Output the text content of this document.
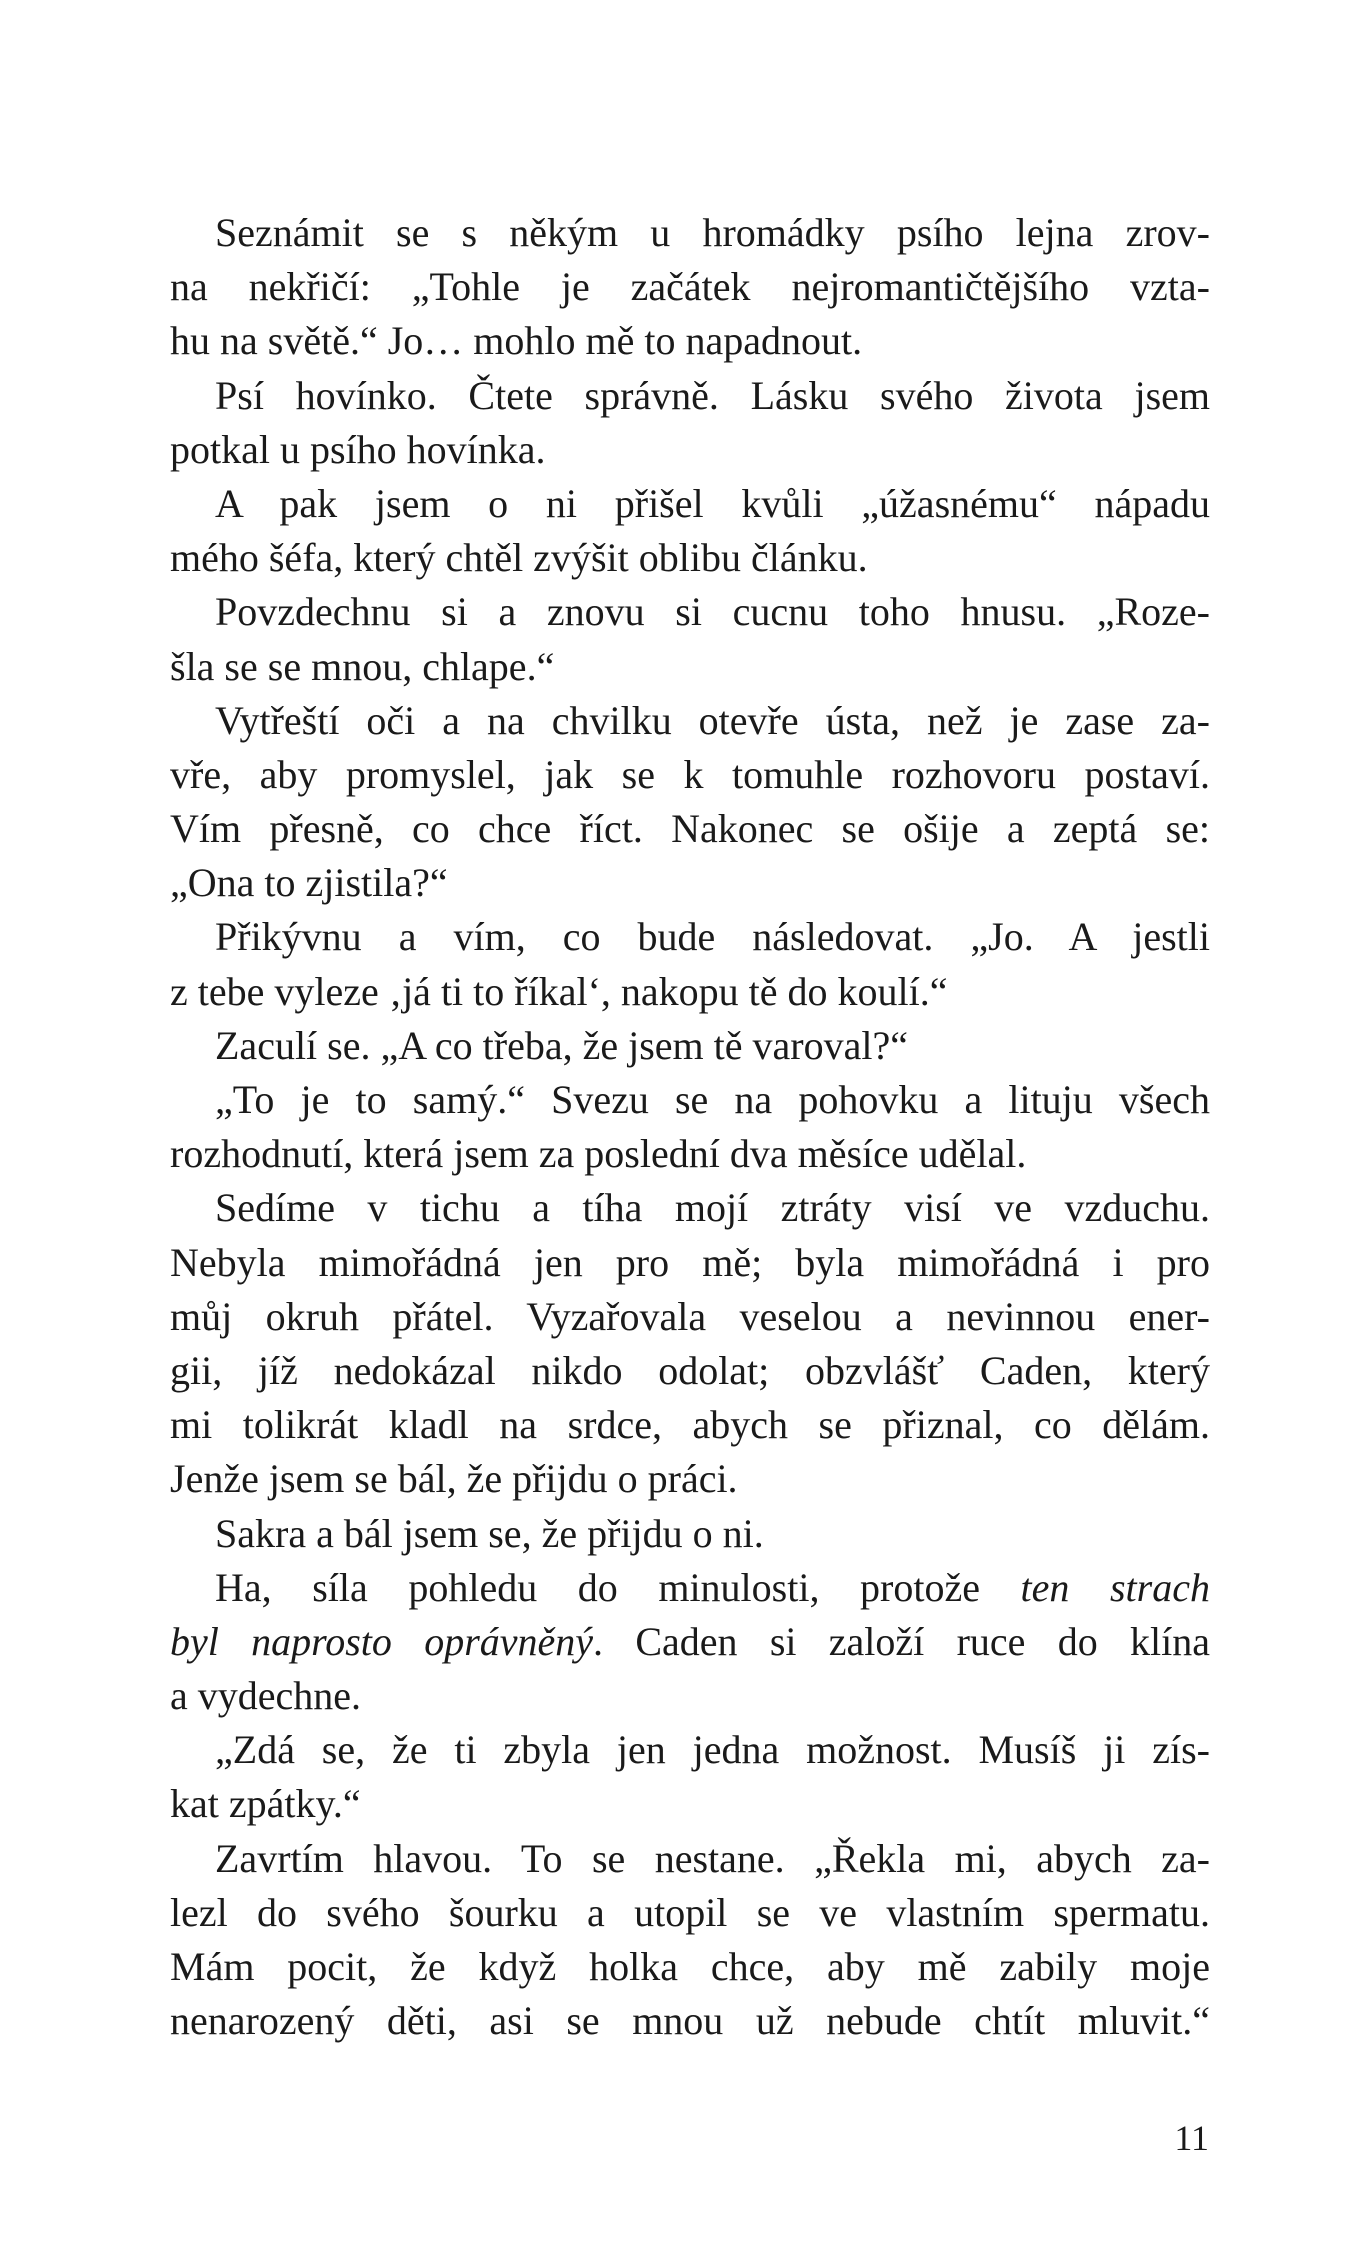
Seznámit se s někým u hromádky psího lejna zrov-
na nekřičí: „Tohle je začátek nejromantičtějšího vzta-
hu na světě.“ Jo… mohlo mě to napadnout.
Psí hovínko. Čtete správně. Lásku svého života jsem
potkal u psího hovínka.
A pak jsem o ni přišel kvůli „úžasnému“ nápadu
mého šéfa, který chtěl zvýšit oblibu článku.
Povzdechnu si a znovu si cucnu toho hnusu. „Roze-
šla se se mnou, chlape.“
Vytřeští oči a na chvilku otevře ústa, než je zase za-
vře, aby promyslel, jak se k tomuhle rozhovoru postaví.
Vím přesně, co chce říct. Nakonec se ošije a zeptá se:
„Ona to zjistila?“
Přikývnu a vím, co bude následovat. „Jo. A jestli
z tebe vyleze ‚já ti to říkal‘, nakopu tě do koulí.“
Zaculí se. „A co třeba, že jsem tě varoval?“
„To je to samý.“ Svezu se na pohovku a lituju všech
rozhodnutí, která jsem za poslední dva měsíce udělal.
Sedíme v tichu a tíha mojí ztráty visí ve vzduchu.
Nebyla mimořádná jen pro mě; byla mimořádná i pro
můj okruh přátel. Vyzařovala veselou a nevinnou ener-
gii, jíž nedokázal nikdo odolat; obzvlášť Caden, který
mi tolikrát kladl na srdce, abych se přiznal, co dělám.
Jenže jsem se bál, že přijdu o práci.
Sakra a bál jsem se, že přijdu o ni.
Ha, síla pohledu do minulosti, protože ten strach
byl naprosto oprávněný. Caden si založí ruce do klína
a vydechne.
„Zdá se, že ti zbyla jen jedna možnost. Musíš ji zís-
kat zpátky.“
Zavrtím hlavou. To se nestane. „Řekla mi, abych za-
lezl do svého šourku a utopil se ve vlastním spermatu.
Mám pocit, že když holka chce, aby mě zabily moje
nenarozený děti, asi se mnou už nebude chtít mluvit.“
11
